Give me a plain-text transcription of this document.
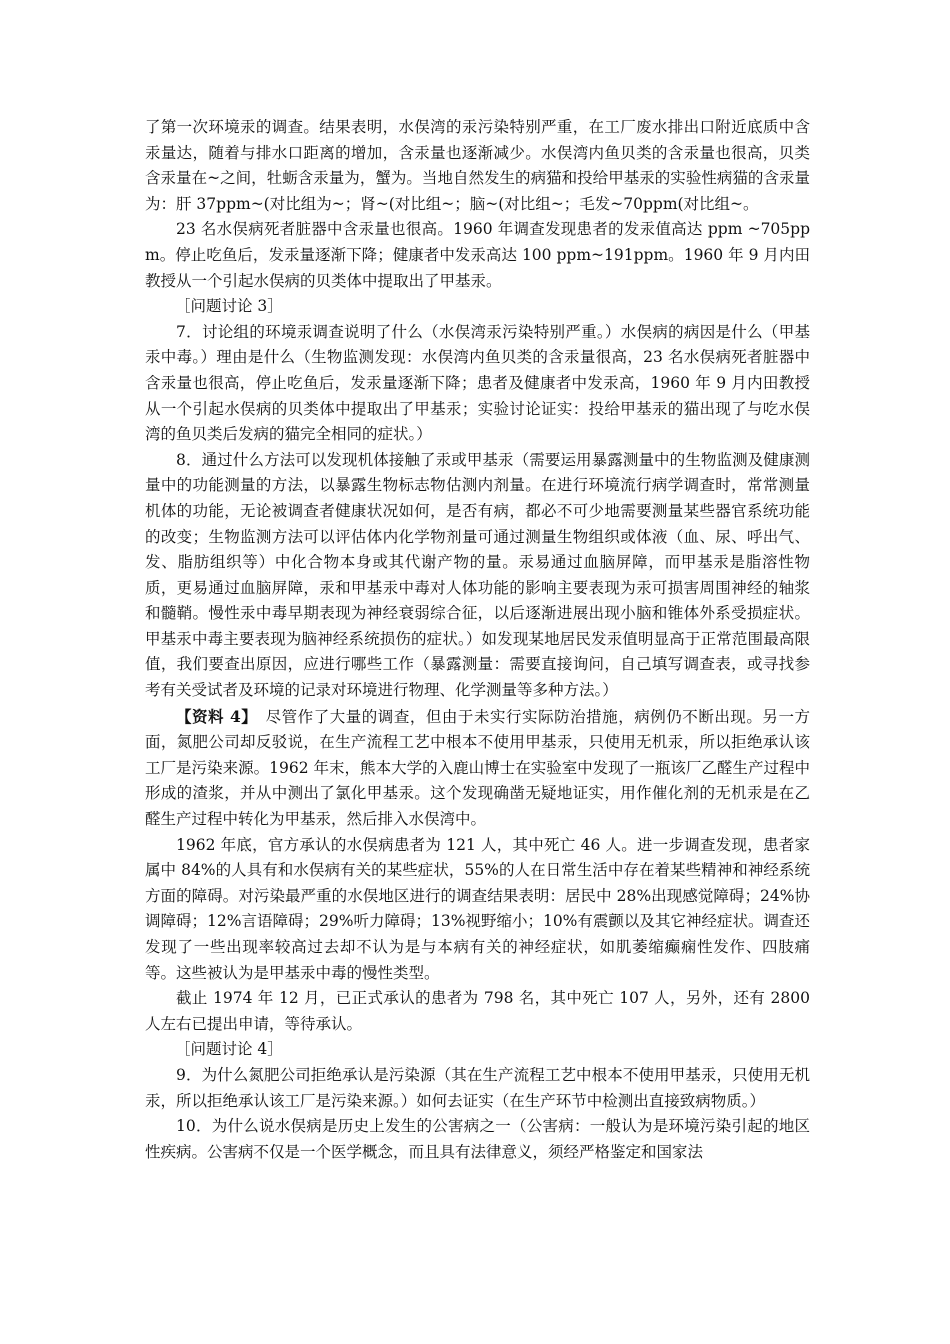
了第一次环境汞的调查。结果表明，水俣湾的汞污染特别严重，在工厂废水排出口附近底质中含汞量达，随着与排水口距离的增加，含汞量也逐渐减少。水俣湾内鱼贝类的含汞量也很高，贝类含汞量在~之间，牡蛎含汞量为，蟹为。当地自然发生的病猫和投给甲基汞的实验性病猫的含汞量为：肝 37ppm~(对比组为~；肾~(对比组~；脑~(对比组~；毛发~70ppm(对比组~。

23 名水俣病死者脏器中含汞量也很高。1960 年调查发现患者的发汞值高达 ppm ~705ppm。停止吃鱼后，发汞量逐渐下降；健康者中发汞高达 100 ppm~191ppm。1960 年 9 月内田教授从一个引起水俣病的贝类体中提取出了甲基汞。

［问题讨论 3］

7．讨论组的环境汞调查说明了什么（水俣湾汞污染特别严重。）水俣病的病因是什么（甲基汞中毒。）理由是什么（生物监测发现：水俣湾内鱼贝类的含汞量很高，23 名水俣病死者脏器中含汞量也很高，停止吃鱼后，发汞量逐渐下降；患者及健康者中发汞高，1960 年 9 月内田教授从一个引起水俣病的贝类体中提取出了甲基汞；实验讨论证实：投给甲基汞的猫出现了与吃水俣湾的鱼贝类后发病的猫完全相同的症状。）

8．通过什么方法可以发现机体接触了汞或甲基汞（需要运用暴露测量中的生物监测及健康测量中的功能测量的方法，以暴露生物标志物估测内剂量。在进行环境流行病学调查时，常常测量机体的功能，无论被调查者健康状况如何，是否有病，都必不可少地需要测量某些器官系统功能的改变；生物监测方法可以评估体内化学物剂量可通过测量生物组织或体液（血、尿、呼出气、发、脂肪组织等）中化合物本身或其代谢产物的量。汞易通过血脑屏障，而甲基汞是脂溶性物质，更易通过血脑屏障，汞和甲基汞中毒对人体功能的影响主要表现为汞可损害周围神经的轴浆和髓鞘。慢性汞中毒早期表现为神经衰弱综合征，以后逐渐进展出现小脑和锥体外系受损症状。甲基汞中毒主要表现为脑神经系统损伤的症状。）如发现某地居民发汞值明显高于正常范围最高限值，我们要查出原因，应进行哪些工作（暴露测量：需要直接询问，自己填写调查表，或寻找参考有关受试者及环境的记录对环境进行物理、化学测量等多种方法。）

【资料 4】　尽管作了大量的调查，但由于未实行实际防治措施，病例仍不断出现。另一方面，氮肥公司却反驳说，在生产流程工艺中根本不使用甲基汞，只使用无机汞，所以拒绝承认该工厂是污染来源。1962 年末，熊本大学的入鹿山博士在实验室中发现了一瓶该厂乙醛生产过程中形成的渣浆，并从中测出了氯化甲基汞。这个发现确凿无疑地证实，用作催化剂的无机汞是在乙醛生产过程中转化为甲基汞，然后排入水俣湾中。

1962 年底，官方承认的水俣病患者为 121 人，其中死亡 46 人。进一步调查发现，患者家属中 84%的人具有和水俣病有关的某些症状，55%的人在日常生活中存在着某些精神和神经系统方面的障碍。对污染最严重的水俣地区进行的调查结果表明：居民中 28%出现感觉障碍；24%协调障碍；12%言语障碍；29%听力障碍；13%视野缩小；10%有震颤以及其它神经症状。调查还发现了一些出现率较高过去却不认为是与本病有关的神经症状，如肌萎缩癫痫性发作、四肢痛等。这些被认为是甲基汞中毒的慢性类型。

截止 1974 年 12 月，已正式承认的患者为 798 名，其中死亡 107 人，另外，还有 2800 人左右已提出申请，等待承认。

［问题讨论 4］

9．为什么氮肥公司拒绝承认是污染源（其在生产流程工艺中根本不使用甲基汞，只使用无机汞，所以拒绝承认该工厂是污染来源。）如何去证实（在生产环节中检测出直接致病物质。）

10．为什么说水俣病是历史上发生的公害病之一（公害病：一般认为是环境污染引起的地区性疾病。公害病不仅是一个医学概念，而且具有法律意义，须经严格鉴定和国家法
